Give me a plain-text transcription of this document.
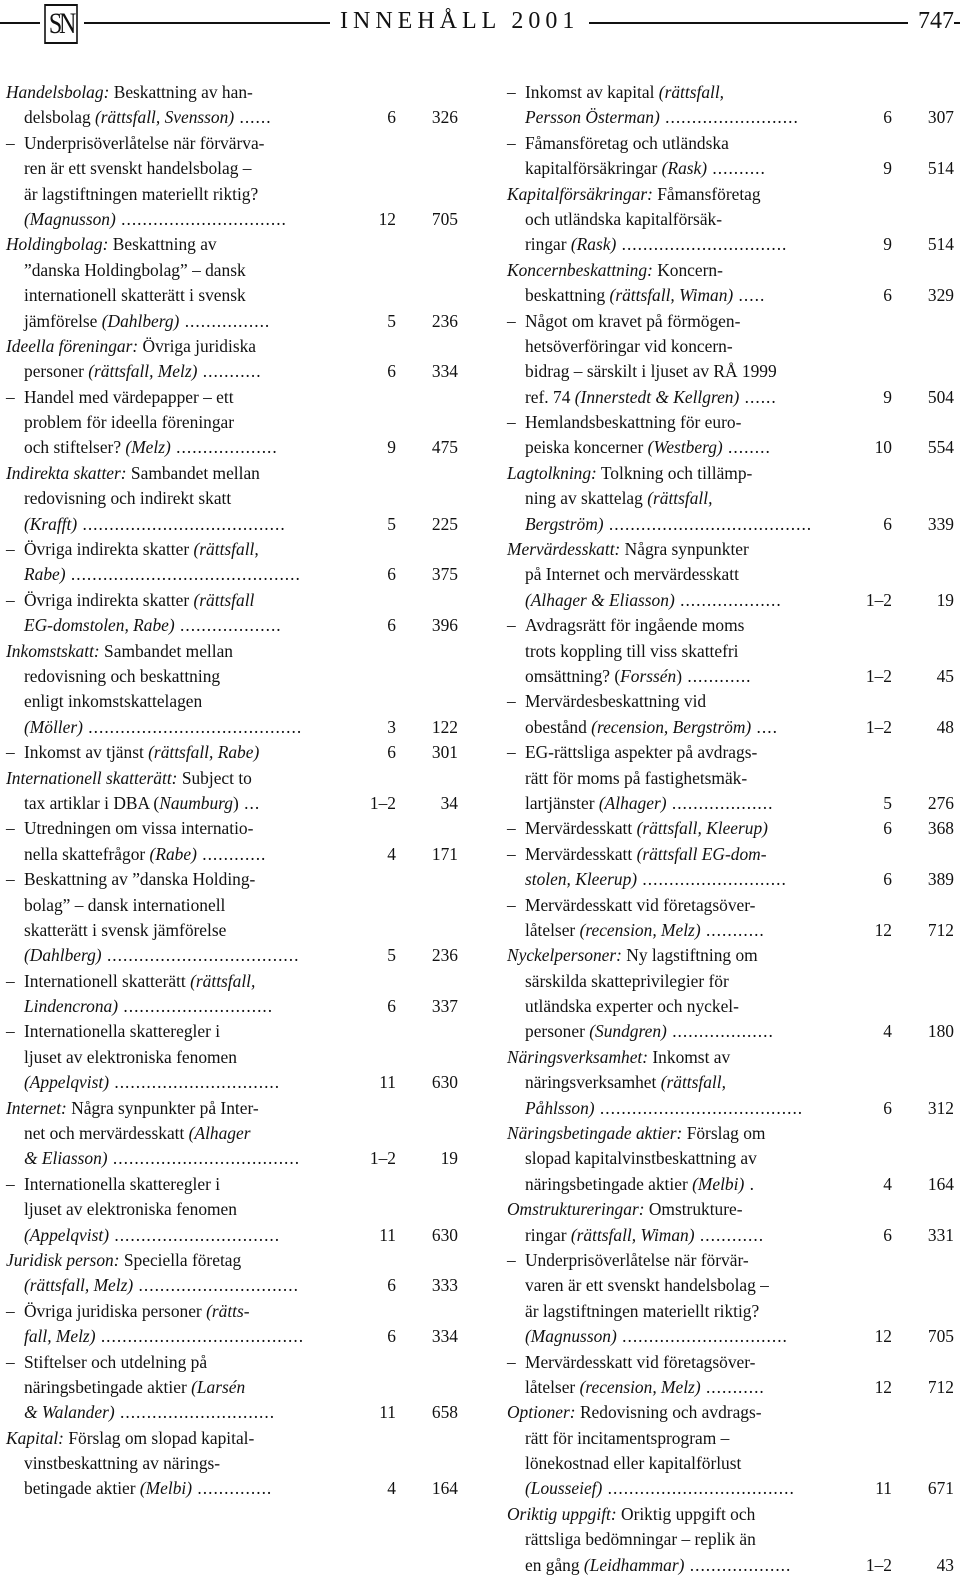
SN	INNEHÅLL 2001	747
Handelsbolag: Beskattning av han-
delsbolag (rättsfall, Svensson) ......	6 326
– Underprisöverlåtelse när förvärva-
ren är ett svenskt handelsbolag –
är lagstiftningen materiellt riktig?
(Magnusson) ...............................	12 705
Holdingbolag: Beskattning av
”danska Holdingbolag” – dansk
internationell skatterätt i svensk
jämförelse (Dahlberg) ................	5 236
Ideella föreningar: Övriga juridiska
personer (rättsfall, Melz) ...........	6 334
– Handel med värdepapper – ett
problem för ideella föreningar
och stiftelser? (Melz) ...................	9 475
Indirekta skatter: Sambandet mellan
redovisning och indirekt skatt
(Krafft) ......................................	5 225
– Övriga indirekta skatter (rättsfall,
Rabe) ...........................................	6 375
– Övriga indirekta skatter (rättsfall
EG-domstolen, Rabe) ...................	6 396
Inkomstskatt: Sambandet mellan
redovisning och beskattning
enligt inkomstskattelagen
(Möller) ........................................	3 122
– Inkomst av tjänst (rättsfall, Rabe)	6 301
Internationell skatterätt: Subject to
tax artiklar i DBA (Naumburg) ...	1–2	34
– Utredningen om vissa internatio-
nella skattefrågor (Rabe) ............	4 171
– Beskattning av ”danska Holding-
bolag” – dansk internationell
skatterätt i svensk jämförelse
(Dahlberg) ....................................	5 236
– Internationell skatterätt (rättsfall,
Lindencrona) ............................	6 337
– Internationella skatteregler i
ljuset av elektroniska fenomen
(Appelqvist) ...............................	11 630
Internet: Några synpunkter på Inter-
net och mervärdesskatt (Alhager
& Eliasson) ...................................	1–2	19
– Internationella skatteregler i
ljuset av elektroniska fenomen
(Appelqvist) ...............................	11 630
Juridisk person: Speciella företag
(rättsfall, Melz) ..............................	6 333
– Övriga juridiska personer (rätts-
fall, Melz) ......................................	6 334
– Stiftelser och utdelning på
näringsbetingade aktier (Larsén
& Walander) .............................	11 658
Kapital: Förslag om slopad kapital-
vinstbeskattning av närings-
betingade aktier (Melbi) ..............	4 164
– Inkomst av kapital (rättsfall,
Persson Österman) .........................	6 307
– Fåmansföretag och utländska
kapitalförsäkringar (Rask) ..........	9 514
Kapitalförsäkringar: Fåmansföretag
och utländska kapitalförsäk-
ringar (Rask) ...............................	9 514
Koncernbeskattning: Koncern-
beskattning (rättsfall, Wiman) .....	6 329
– Något om kravet på förmögen-
hetsöverföringar vid koncern-
bidrag – särskilt i ljuset av RÅ 1999
ref. 74 (Innerstedt & Kellgren) ......	9 504
– Hemlandsbeskattning för euro-
peiska koncerner (Westberg) ........	10 554
Lagtolkning: Tolkning och tillämp-
ning av skattelag (rättsfall,
Bergström) ......................................	6 339
Mervärdesskatt: Några synpunkter
på Internet och mervärdesskatt
(Alhager & Eliasson) ...................	1–2	19
– Avdragsrätt för ingående moms
trots koppling till viss skattefri
omsättning? (Forssén) ............	1–2	45
– Mervärdesbeskattning vid
obestånd (recension, Bergström) ....	1–2	48
– EG-rättsliga aspekter på avdrags-
rätt för moms på fastighetsmäk-
lartjänster (Alhager) ...................	5 276
– Mervärdesskatt (rättsfall, Kleerup)	6 368
– Mervärdesskatt (rättsfall EG-dom-
stolen, Kleerup) ...........................	6 389
– Mervärdesskatt vid företagsöver-
låtelser (recension, Melz) ...........	12 712
Nyckelpersoner: Ny lagstiftning om
särskilda skatteprivilegier för
utländska experter och nyckel-
personer (Sundgren) ...................	4 180
Näringsverksamhet: Inkomst av
näringsverksamhet (rättsfall,
Påhlsson) ......................................	6 312
Näringsbetingade aktier: Förslag om
slopad kapitalvinstbeskattning av
näringsbetingade aktier (Melbi) .	4 164
Omstruktureringar: Omstrukture-
ringar (rättsfall, Wiman) ............	6 331
– Underprisöverlåtelse när förvär-
varen är ett svenskt handelsbolag –
är lagstiftningen materiellt riktig?
(Magnusson) ...............................	12 705
– Mervärdesskatt vid företagsöver-
låtelser (recension, Melz) ...........	12 712
Optioner: Redovisning och avdrags-
rätt för incitamentsprogram –
lönekostnad eller kapitalförlust
(Lousseief) ...................................	11 671
Oriktig uppgift: Oriktig uppgift och
rättsliga bedömningar – replik än
en gång (Leidhammar) ...................	1–2	43
